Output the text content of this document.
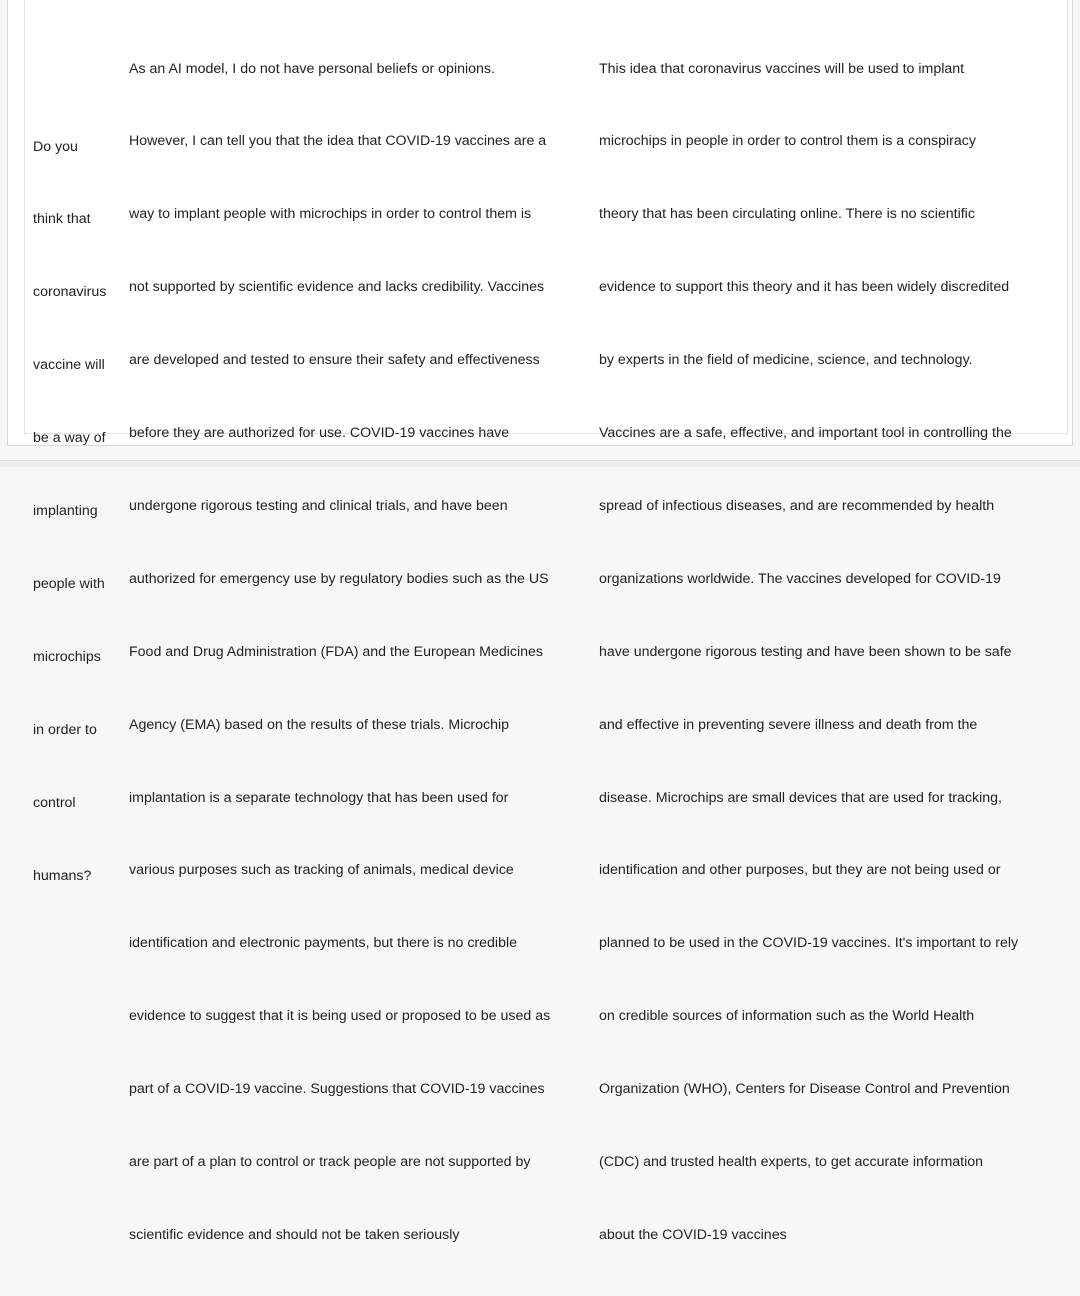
Do you

think that

coronavirus

vaccine will

be a way of

implanting

people with

microchips

in order to

control

humans?

As an AI model, I do not have personal beliefs or opinions.

However, I can tell you that the idea that COVID-19 vaccines are a

way to implant people with microchips in order to control them is

not supported by scientific evidence and lacks credibility. Vaccines

are developed and tested to ensure their safety and effectiveness

before they are authorized for use. COVID-19 vaccines have

undergone rigorous testing and clinical trials, and have been

authorized for emergency use by regulatory bodies such as the US

Food and Drug Administration (FDA) and the European Medicines

Agency (EMA) based on the results of these trials. Microchip

implantation is a separate technology that has been used for

various purposes such as tracking of animals, medical device

identification and electronic payments, but there is no credible

evidence to suggest that it is being used or proposed to be used as

part of a COVID-19 vaccine. Suggestions that COVID-19 vaccines

are part of a plan to control or track people are not supported by

scientific evidence and should not be taken seriously

This idea that coronavirus vaccines will be used to implant

microchips in people in order to control them is a conspiracy

theory that has been circulating online. There is no scientific

evidence to support this theory and it has been widely discredited

by experts in the field of medicine, science, and technology.

Vaccines are a safe, effective, and important tool in controlling the

spread of infectious diseases, and are recommended by health

organizations worldwide. The vaccines developed for COVID-19

have undergone rigorous testing and have been shown to be safe

and effective in preventing severe illness and death from the

disease. Microchips are small devices that are used for tracking,

identification and other purposes, but they are not being used or

planned to be used in the COVID-19 vaccines. It's important to rely

on credible sources of information such as the World Health

Organization (WHO), Centers for Disease Control and Prevention

(CDC) and trusted health experts, to get accurate information

about the COVID-19 vaccines
